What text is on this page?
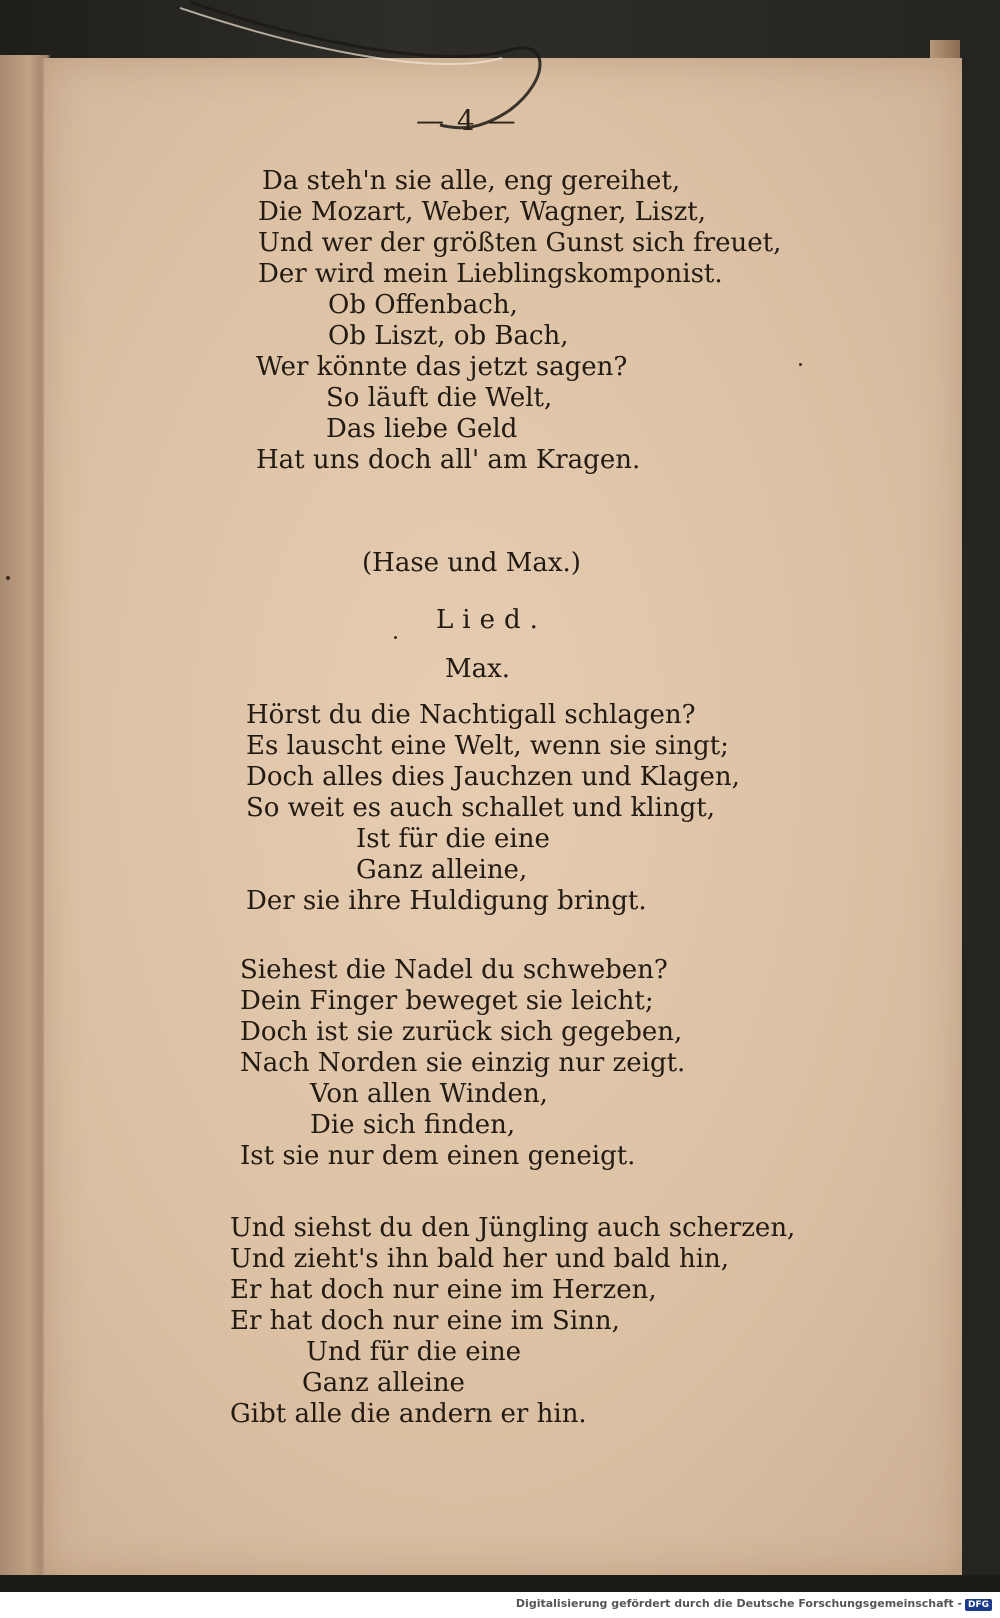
— 4 —
Da steh'n sie alle, eng gereihet,
Die Mozart, Weber, Wagner, Liszt,
Und wer der größten Gunst sich freuet,
Der wird mein Lieblingskomponist.
Ob Offenbach,
Ob Liszt, ob Bach,
Wer könnte das jetzt sagen?
So läuft die Welt,
Das liebe Geld
Hat uns doch all' am Kragen.
(Hase und Max.)
Lied.
Max.
Hörst du die Nachtigall schlagen?
Es lauscht eine Welt, wenn sie singt;
Doch alles dies Jauchzen und Klagen,
So weit es auch schallet und klingt,
Ist für die eine
Ganz alleine,
Der sie ihre Huldigung bringt.
Siehest die Nadel du schweben?
Dein Finger beweget sie leicht;
Doch ist sie zurück sich gegeben,
Nach Norden sie einzig nur zeigt.
Von allen Winden,
Die sich finden,
Ist sie nur dem einen geneigt.
Und siehst du den Jüngling auch scherzen,
Und zieht's ihn bald her und bald hin,
Er hat doch nur eine im Herzen,
Er hat doch nur eine im Sinn,
Und für die eine
Ganz alleine
Gibt alle die andern er hin.
Digitalisierung gefördert durch die Deutsche Forschungsgemeinschaft - DFG
